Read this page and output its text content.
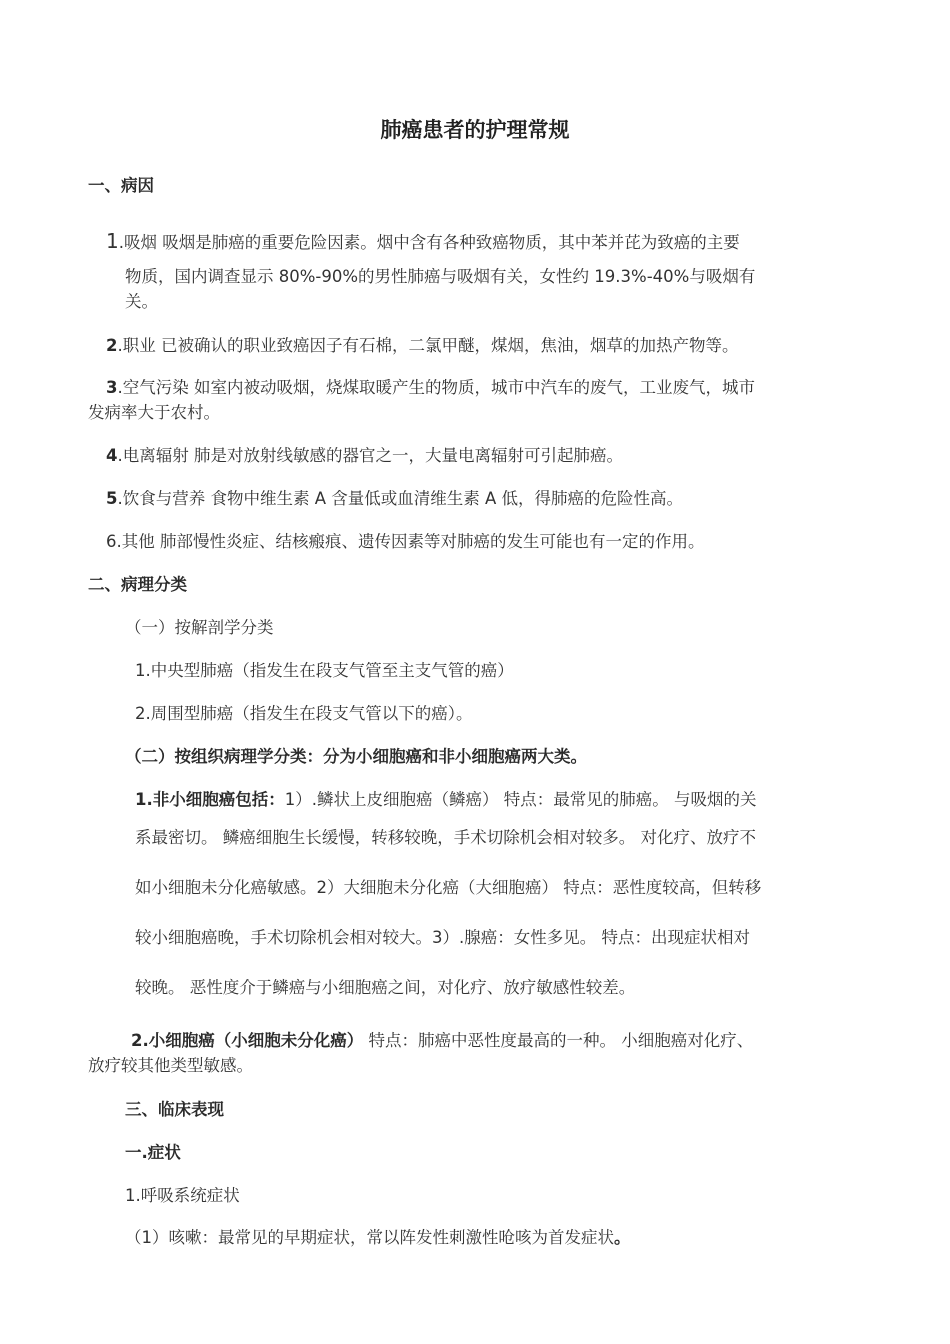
肺癌患者的护理常规
一、病因
1.吸烟 吸烟是肺癌的重要危险因素。烟中含有各种致癌物质，其中苯并芘为致癌的主要
物质，国内调查显示 80%-90%的男性肺癌与吸烟有关，女性约 19.3%-40%与吸烟有
关。
2.职业 已被确认的职业致癌因子有石棉，二氯甲醚，煤烟，焦油，烟草的加热产物等。
3.空气污染 如室内被动吸烟，烧煤取暖产生的物质，城市中汽车的废气，工业废气，城市
发病率大于农村。
4.电离辐射 肺是对放射线敏感的器官之一，大量电离辐射可引起肺癌。
5.饮食与营养 食物中维生素 A 含量低或血清维生素 A 低，得肺癌的危险性高。
6.其他 肺部慢性炎症、结核瘢痕、遗传因素等对肺癌的发生可能也有一定的作用。
二、病理分类
（一）按解剖学分类
1.中央型肺癌（指发生在段支气管至主支气管的癌）
2.周围型肺癌（指发生在段支气管以下的癌）。
（二）按组织病理学分类：分为小细胞癌和非小细胞癌两大类。
1.非小细胞癌包括：1）.鳞状上皮细胞癌（鳞癌） 特点：最常见的肺癌。 与吸烟的关
系最密切。 鳞癌细胞生长缓慢，转移较晚，手术切除机会相对较多。 对化疗、放疗不
如小细胞未分化癌敏感。2）大细胞未分化癌（大细胞癌） 特点：恶性度较高，但转移
较小细胞癌晚，手术切除机会相对较大。3）.腺癌：女性多见。 特点：出现症状相对
较晚。 恶性度介于鳞癌与小细胞癌之间，对化疗、放疗敏感性较差。
2.小细胞癌（小细胞未分化癌） 特点：肺癌中恶性度最高的一种。 小细胞癌对化疗、
放疗较其他类型敏感。
三、临床表现
一.症状
1.呼吸系统症状
（1）咳嗽：最常见的早期症状，常以阵发性刺激性呛咳为首发症状。
